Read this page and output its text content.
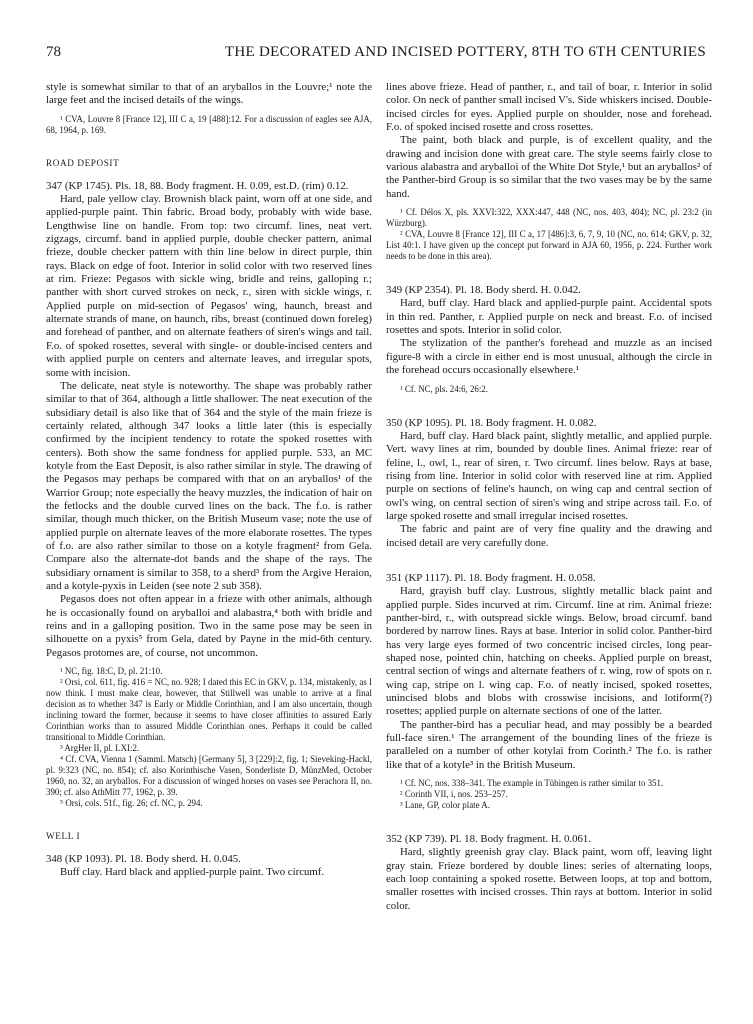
78	THE DECORATED AND INCISED POTTERY, 8TH TO 6TH CENTURIES

style is somewhat similar to that of an aryballos in the Louvre;¹ note the large feet and the incised details of the wings.

¹ CVA, Louvre 8 [France 12], III C a, 19 [488]:12. For a discussion of eagles see AJA, 68, 1964, p. 169.

ROAD DEPOSIT

347 (KP 1745). Pls. 18, 88. Body fragment. H. 0.09, est.D. (rim) 0.12.

Hard, pale yellow clay. Brownish black paint, worn off at one side, and applied-purple paint. Thin fabric. Broad body, probably with wide base. Lengthwise line on handle. From top: two circumf. lines, neat vert. zigzags, circumf. band in applied purple, double checker pattern, animal frieze, double checker pattern with thin line below in direct purple, thin rays. Black on edge of foot. Interior in solid color with two reserved lines at rim. Frieze: Pegasos with sickle wing, bridle and reins, galloping r.; panther with short curved strokes on neck, r., siren with sickle wings, r. Applied purple on mid-section of Pegasos' wing, haunch, breast and alternate strands of mane, on haunch, ribs, breast (continued down foreleg) and forehead of panther, and on alternate feathers of siren's wings and tail. F.o. of spoked rosettes, several with single- or double-incised centers and with applied purple on centers and alternate leaves, and irregular spots, some with incision.

The delicate, neat style is noteworthy. The shape was probably rather similar to that of 364, although a little shallower. The neat execution of the subsidiary detail is also like that of 364 and the style of the main frieze is certainly related, although 347 looks a little later (this is especially confirmed by the incipient tendency to rotate the spoked rosettes with centers). Both show the same fondness for applied purple. 533, an MC kotyle from the East Deposit, is also rather similar in style. The drawing of the Pegasos may perhaps be compared with that on an aryballos¹ of the Warrior Group; note especially the heavy muzzles, the indication of hair on the fetlocks and the double curved lines on the back. The f.o. is rather similar, though much thicker, on the British Museum vase; note the use of applied purple on alternate leaves of the more elaborate rosettes. The types of f.o. are also rather similar to those on a kotyle fragment² from Gela. Compare also the alternate-dot bands and the shape of the rays. The subsidiary ornament is similar to 358, to a sherd³ from the Argive Heraion, and a kotyle-pyxis in Leiden (see note 2 sub 358).

Pegasos does not often appear in a frieze with other animals, although he is occasionally found on aryballoi and alabastra,⁴ both with bridle and reins and in a galloping position. Two in the same pose may be seen in silhouette on a pyxis⁵ from Gela, dated by Payne in the mid-6th century. Pegasos protomes are, of course, not uncommon.

¹ NC, fig. 18:C, D, pl. 21:10.

² Orsi, col. 611, fig. 416 = NC, no. 928; I dated this EC in GKV, p. 134, mistakenly, as I now think. I must make clear, however, that Stillwell was unable to arrive at a final decision as to whether 347 is Early or Middle Corinthian, and I am also uncertain, though inclining toward the former, because it seems to have closer affinities to assured Early Corinthian works than to assured Middle Corinthian ones. Perhaps it could be called transitional to Middle Corinthian.

³ ArgHer II, pl. LXI:2.

⁴ Cf. CVA, Vienna 1 (Samml. Matsch) [Germany 5], 3 [229]:2, fig. 1; Sieveking-Hackl, pl. 9:323 (NC, no. 854); cf. also Korinthische Vasen, Sonderliste D, MünzMed, October 1960, no. 32, an aryballos. For a discussion of winged horses on vases see Perachora II, no. 390; cf. also AthMitt 77, 1962, p. 39.

⁵ Orsi, cols. 51f., fig. 26; cf. NC, p. 294.

WELL I

348 (KP 1093). Pl. 18. Body sherd. H. 0.045.

Buff clay. Hard black and applied-purple paint. Two circumf.

lines above frieze. Head of panther, r., and tail of boar, r. Interior in solid color. On neck of panther small incised V's. Side whiskers incised. Double-incised circles for eyes. Applied purple on shoulder, nose and forehead. F.o. of spoked incised rosette and cross rosettes.

The paint, both black and purple, is of excellent quality, and the drawing and incision done with great care. The style seems fairly close to various alabastra and aryballoi of the White Dot Style,¹ but an aryballos² of the Panther-bird Group is so similar that the two vases may be by the same hand.

¹ Cf. Délos X, pls. XXVI:322, XXX:447, 448 (NC, nos. 403, 404); NC, pl. 23:2 (in Würzburg).

² CVA, Louvre 8 [France 12], III C a, 17 [486]:3, 6, 7, 9, 10 (NC, no. 614; GKV, p. 32, List 40:1. I have given up the concept put forward in AJA 60, 1956, p. 224. Further work needs to be done in this area).

349 (KP 2354). Pl. 18. Body sherd. H. 0.042.

Hard, buff clay. Hard black and applied-purple paint. Accidental spots in thin red. Panther, r. Applied purple on neck and breast. F.o. of incised rosettes and spots. Interior in solid color.

The stylization of the panther's forehead and muzzle as an incised figure-8 with a circle in either end is most unusual, although the circle in the forehead occurs occasionally elsewhere.¹

¹ Cf. NC, pls. 24:6, 26:2.

350 (KP 1095). Pl. 18. Body fragment. H. 0.082.

Hard, buff clay. Hard black paint, slightly metallic, and applied purple. Vert. wavy lines at rim, bounded by double lines. Animal frieze: rear of feline, l., owl, l., rear of siren, r. Two circumf. lines below. Rays at base, rising from line. Interior in solid color with reserved line at rim. Applied purple on sections of feline's haunch, on wing cap and central section of owl's wing, on central section of siren's wing and stripe across tail. F.o. of large spoked rosette and small irregular incised rosettes.

The fabric and paint are of very fine quality and the drawing and incised detail are very carefully done.

351 (KP 1117). Pl. 18. Body fragment. H. 0.058.

Hard, grayish buff clay. Lustrous, slightly metallic black paint and applied purple. Sides incurved at rim. Circumf. line at rim. Animal frieze: panther-bird, r., with outspread sickle wings. Below, broad circumf. band bordered by narrow lines. Rays at base. Interior in solid color. Panther-bird has very large eyes formed of two concentric incised circles, long pear-shaped nose, pointed chin, hatching on cheeks. Applied purple on breast, central section of wings and alternate feathers of r. wing, row of spots on r. wing cap, stripe on l. wing cap. F.o. of neatly incised, spoked rosettes, unincised blobs and blobs with crosswise incisions, and lotiform(?) rosettes; applied purple on alternate sections of one of the latter.

The panther-bird has a peculiar head, and may possibly be a bearded full-face siren.¹ The arrangement of the bounding lines of the frieze is paralleled on a number of other kotylai from Corinth.² The f.o. is rather like that of a kotyle³ in the British Museum.

¹ Cf. NC, nos. 338–341. The example in Tübingen is rather similar to 351.

² Corinth VII, i, nos. 253–257.

³ Lane, GP, color plate A.

352 (KP 739). Pl. 18. Body fragment. H. 0.061.

Hard, slightly greenish gray clay. Black paint, worn off, leaving light gray stain. Frieze bordered by double lines: series of alternating loops, each loop containing a spoked rosette. Between loops, at top and bottom, smaller rosettes with incised crosses. Thin rays at bottom. Interior in solid color.
